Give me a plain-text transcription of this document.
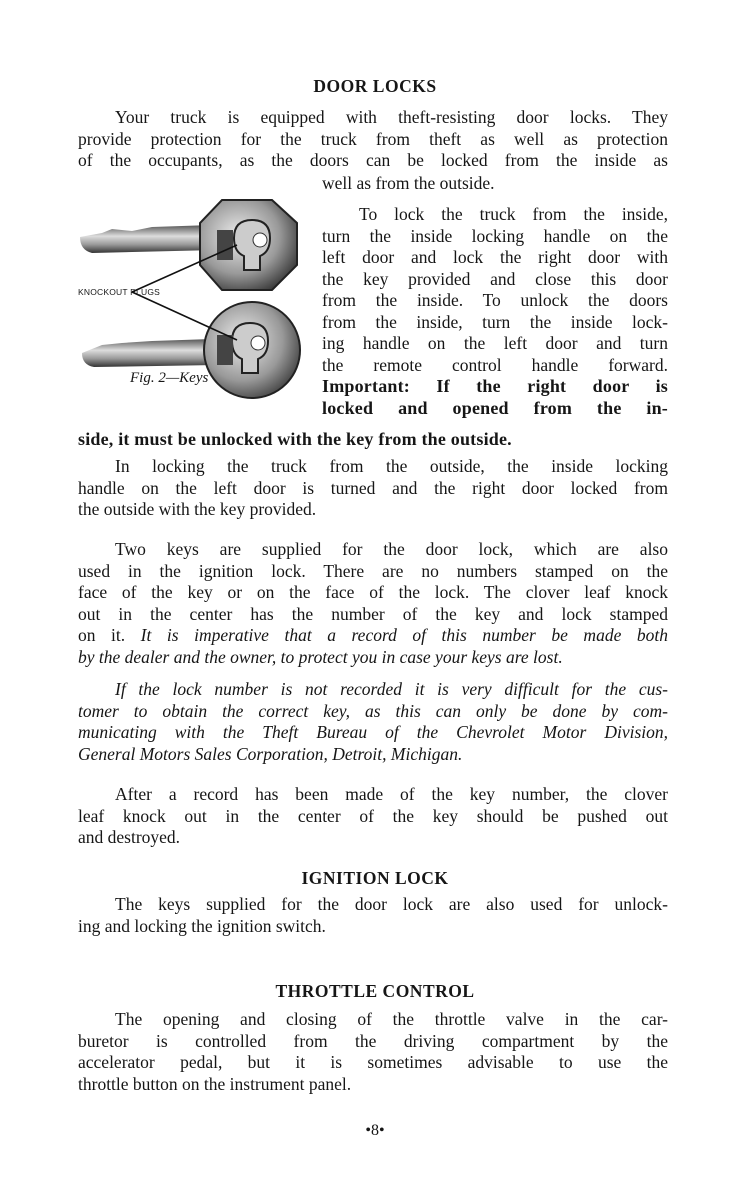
DOOR LOCKS
IGNITION LOCK
THROTTLE CONTROL
KNOCKOUT PLUGS
Fig. 2—Keys
Your truck is equipped with theft-resisting door locks. They
provide protection for the truck from theft as well as protection
of the occupants, as the doors can be locked from the inside as
well as from the outside.
To lock the truck from the inside,
turn the inside locking handle on the
left door and lock the right door with
the key provided and close this door
from the inside. To unlock the doors
from the inside, turn the inside lock-
ing handle on the left door and turn
the remote control handle forward.
Important: If the right door is
locked and opened from the in-
side, it must be unlocked with the key from the outside.
In locking the truck from the outside, the inside locking
handle on the left door is turned and the right door locked from
the outside with the key provided.
Two keys are supplied for the door lock, which are also
used in the ignition lock. There are no numbers stamped on the
face of the key or on the face of the lock. The clover leaf knock
out in the center has the number of the key and lock stamped
on it. It is imperative that a record of this number be made both
by the dealer and the owner, to protect you in case your keys are lost.
If the lock number is not recorded it is very difficult for the cus-
tomer to obtain the correct key, as this can only be done by com-
municating with the Theft Bureau of the Chevrolet Motor Division,
General Motors Sales Corporation, Detroit, Michigan.
After a record has been made of the key number, the clover
leaf knock out in the center of the key should be pushed out
and destroyed.
The keys supplied for the door lock are also used for unlock-
ing and locking the ignition switch.
The opening and closing of the throttle valve in the car-
buretor is controlled from the driving compartment by the
accelerator pedal, but it is sometimes advisable to use the
throttle button on the instrument panel.
•8•
